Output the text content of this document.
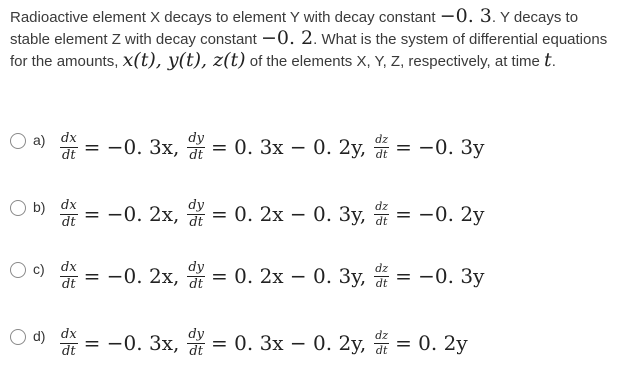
Radioactive element X decays to element Y with decay constant −0. 3. Y decays to stable element Z with decay constant −0. 2. What is the system of differential equations for the amounts, x(t), y(t), z(t) of the elements X, Y, Z, respectively, at time t.
$a) \frac{dx}{dt} = -0$. 3x, $\frac{dy}{dt} = 0$. 3x − 0. 2y, $\frac{dz}{dt} = -0$. 3y
$b) \frac{dx}{dt} = -0$. 2x, $\frac{dy}{dt} = 0$. 2x − 0. 3y, $\frac{dz}{dt} = -0$. 2y
$c) \frac{dx}{dt} = -0$. 2x, $\frac{dy}{dt} = 0$. 2x − 0. 3y, $\frac{dz}{dt} = -0$. 3y
$d) \frac{dx}{dt} = -0$. 3x, $\frac{dy}{dt} = 0$. 3x − 0. 2y, $\frac{dz}{dt} = 0$. 2y
